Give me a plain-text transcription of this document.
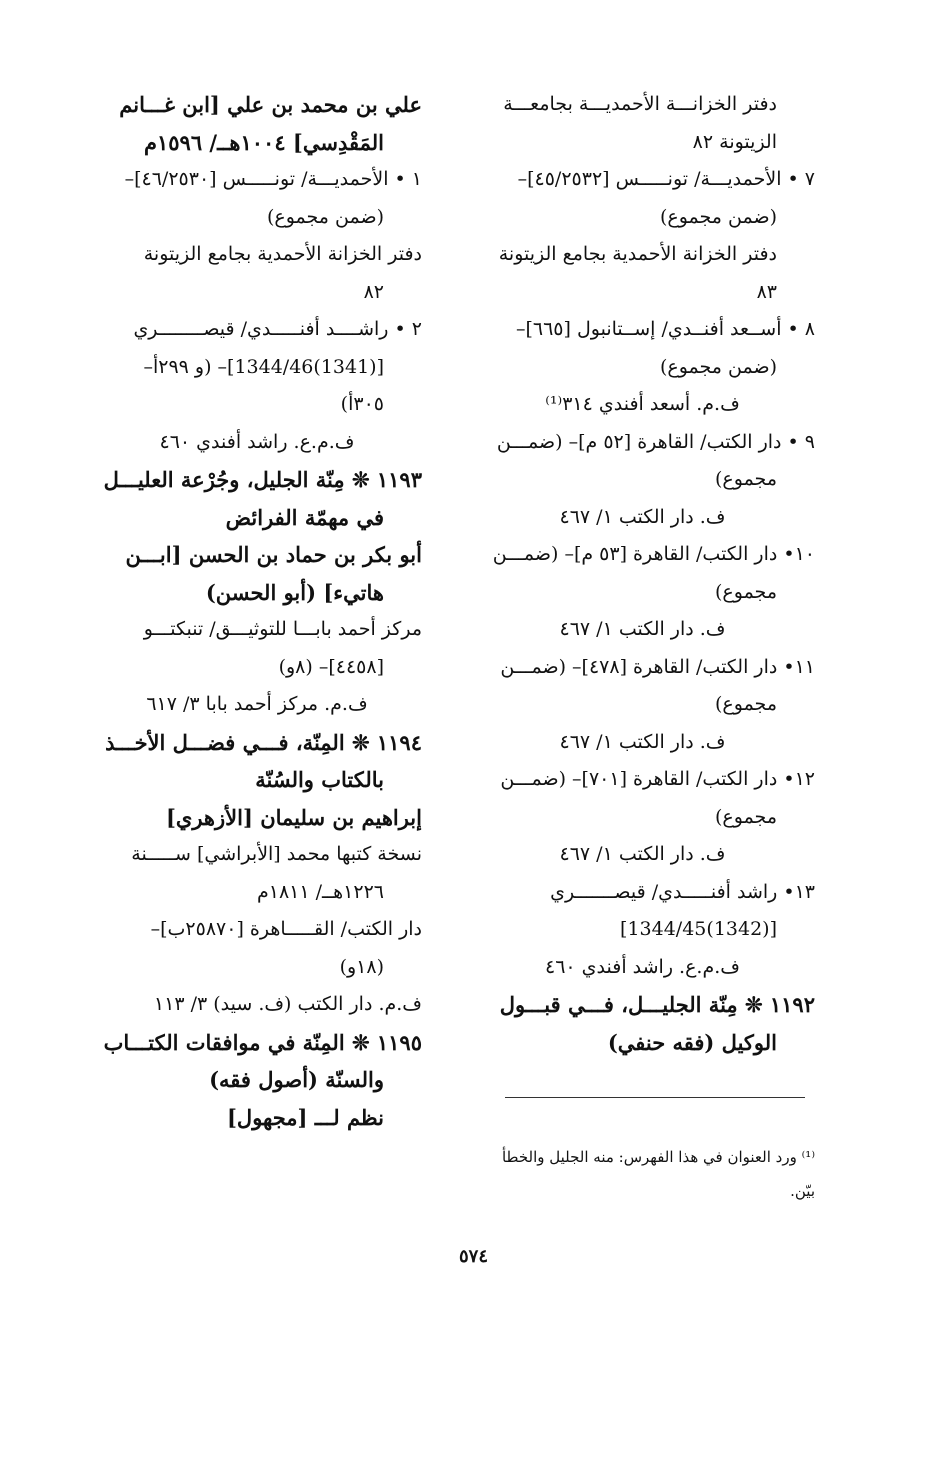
دفتر الخزانـــة الأحمديـــة بجامعـــة
الزيتونة ٨٢
٧ • الأحمديـــة/ تونـــــس [٤٥/٢٥٣٢]–
(ضمن مجموع)
دفتر الخزانة الأحمدية بجامع الزيتونة
٨٣
٨ • أســعد أفنــدي/ إســتانبول [٦٦٥]–
(ضمن مجموع)
ف.م. أسعد أفندي ٣١٤⁽¹⁾
٩ • دار الكتب/ القاهرة [٥٢ م]– (ضمـــن
مجموع)
ف. دار الكتب ١/ ٤٦٧
١٠• دار الكتب/ القاهرة [٥٣ م]– (ضمـــن
مجموع)
ف. دار الكتب ١/ ٤٦٧
١١• دار الكتب/ القاهرة [٤٧٨]– (ضمـــن
مجموع)
ف. دار الكتب ١/ ٤٦٧
١٢• دار الكتب/ القاهرة [٧٠١]– (ضمـــن
مجموع)
ف. دار الكتب ١/ ٤٦٧
١٣• راشد أفنـــــدي/ قيصـــــــري
[(1342)1344/45]
ف.م.ع. راشد أفندي ٤٦٠
١١٩٢ ❊ مِنّة الجليـــل، فـــي قبـــول
الوكيل (فقه حنفي)
علي بن محمد بن علي [ابن غـــانم
المَقْدِسي] ١٠٠٤هــ/ ١٥٩٦م
١ • الأحمديـــة/ تونـــــس [٤٦/٢٥٣٠]–
(ضمن مجموع)
دفتر الخزانة الأحمدية بجامع الزيتونة
٨٢
٢ • راشــــد أفنـــــدي/ قيصــــــــري
[(1341)1344/46]– (و ٢٩٩أ–
٣٠٥أ)
ف.م.ع. راشد أفندي ٤٦٠
١١٩٣ ❊ مِنّة الجليل، وجُرْعة العليـــل
في مهمّة الفرائض
أبو بكر بن حماد بن الحسن [ابـــن
هاتيء] (أبو الحسن)
مركز أحمد بابـــا للتوثيـــق/ تنبكتـــو
[٤٤٥٨]– (٨و)
ف.م. مركز أحمد بابا ٣/ ٦١٧
١١٩٤ ❊ المِنّة، فـــي فضـــل الأخـــذ
بالكتاب والسُنّة
إبراهيم بن سليمان [الأزهري]
نسخة كتبها محمد [الأبراشي] ســـــنة
١٢٢٦هــ/ ١٨١١م
دار الكتب/ القـــــاهرة [٢٥٨٧٠ب]–
(١٨و)
ف.م. دار الكتب (ف. سيد) ٣/ ١١٣
١١٩٥ ❊ المِنّة في موافقات الكتـــاب
والسنّة (أصول فقه)
نظم لـــ [مجهول]
⁽¹⁾ ورد العنوان في هذا الفهرس: منه الجليل والخطأ
بيّن.
٥٧٤
